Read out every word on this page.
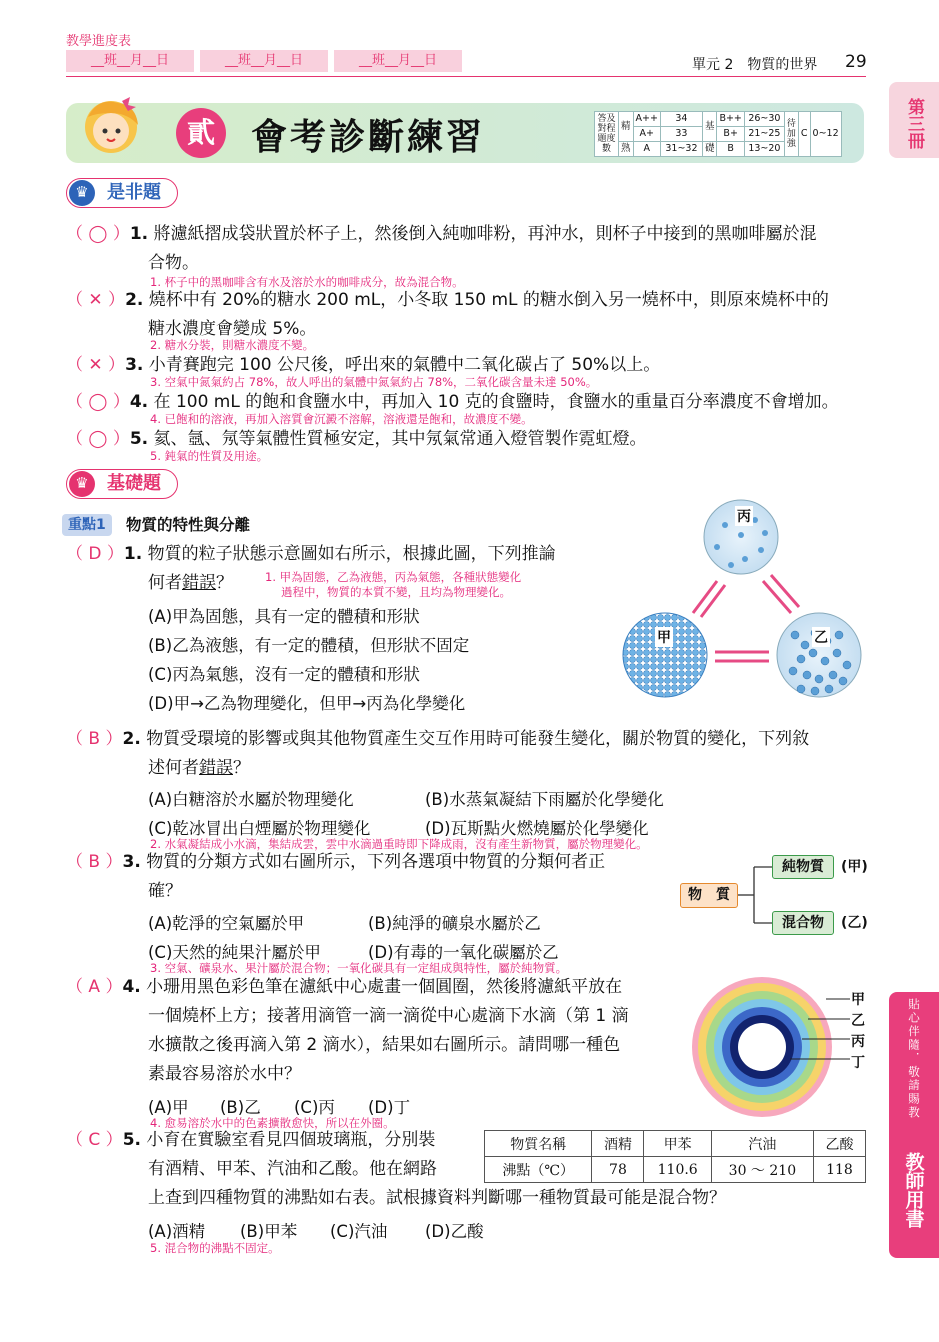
教學進度表
__班__月__日	__班__月__日	__班__月__日	單元 2　物質的世界 29
第三冊
貼心伴隨．敬請賜教
教師用書
貳	會考診斷練習	答及對程題度數	精	A++	34	基	B++	26~30	待加強	C	0~12
		A+	33		B+	21~25			
	熟	A	31~32	礎	B	13~20			
♛	是非題
（ ◯ ）1. 將濾紙摺成袋狀置於杯子上，然後倒入純咖啡粉，再沖水，則杯子中接到的黑咖啡屬於混
合物。
1. 杯子中的黑咖啡含有水及溶於水的咖啡成分，故為混合物。
（ ✕ ）2. 燒杯中有 20%的糖水 200 mL，小冬取 150 mL 的糖水倒入另一燒杯中，則原來燒杯中的
糖水濃度會變成 5%。
2. 糖水分裝，則糖水濃度不變。
（ ✕ ）3. 小青賽跑完 100 公尺後，呼出來的氣體中二氧化碳占了 50%以上。
3. 空氣中氮氣約占 78%，故人呼出的氣體中氮氣約占 78%，二氧化碳含量未達 50%。
（ ◯ ）4. 在 100 mL 的飽和食鹽水中，再加入 10 克的食鹽時，食鹽水的重量百分率濃度不會增加。
4. 已飽和的溶液，再加入溶質會沉澱不溶解，溶液還是飽和，故濃度不變。
（ ◯ ）5. 氦、氬、氖等氣體性質極安定，其中氖氣常通入燈管製作霓虹燈。
5. 鈍氣的性質及用途。
♛	基礎題
重點1	物質的特性與分離
（ D ）1. 物質的粒子狀態示意圖如右所示，根據此圖，下列推論
何者錯誤？	1. 甲為固態，乙為液態，丙為氣態，各種狀態變化
過程中，物質的本質不變，且均為物理變化。
(A)甲為固態，具有一定的體積和形狀
(B)乙為液態，有一定的體積，但形狀不固定
(C)丙為氣態，沒有一定的體積和形狀
(D)甲→乙為物理變化，但甲→丙為化學變化
甲	乙
丙
（ B ）2. 物質受環境的影響或與其他物質產生交互作用時可能發生變化，關於物質的變化，下列敘
述何者錯誤？
(A)白糖溶於水屬於物理變化	(B)水蒸氣凝結下雨屬於化學變化
(C)乾冰冒出白煙屬於物理變化	(D)瓦斯點火燃燒屬於化學變化
2. 水氣凝結成小水滴，集結成雲，雲中水滴過重時即下降成雨，沒有產生新物質，屬於物理變化。
（ B ）3. 物質的分類方式如右圖所示，下列各選項中物質的分類何者正
確？
(A)乾淨的空氣屬於甲	(B)純淨的礦泉水屬於乙
(C)天然的純果汁屬於甲	(D)有毒的一氧化碳屬於乙
3. 空氣、礦泉水、果汁屬於混合物；一氧化碳具有一定組成與特性，屬於純物質。
物　質
純物質	(甲)
混合物	(乙)
（ A ）4. 小珊用黑色彩色筆在濾紙中心處畫一個圓圈，然後將濾紙平放在
一個燒杯上方；接著用滴管一滴一滴從中心處滴下水滴（第 1 滴
水擴散之後再滴入第 2 滴水），結果如右圖所示。請問哪一種色
素最容易溶於水中？
(A)甲 (B)乙 (C)丙 (D)丁
4. 愈易溶於水中的色素擴散愈快，所以在外圈。
甲
乙
丙
丁
（ C ）5. 小育在實驗室看見四個玻璃瓶，分別裝
有酒精、甲苯、汽油和乙酸。他在網路
上查到四種物質的沸點如右表。試根據資料判斷哪一種物質最可能是混合物？
(A)酒精 (B)甲苯 (C)汽油 (D)乙酸
5. 混合物的沸點不固定。
物質名稱	酒精	甲苯	汽油	乙酸
沸點（℃）	78	110.6	30 ～ 210	118
